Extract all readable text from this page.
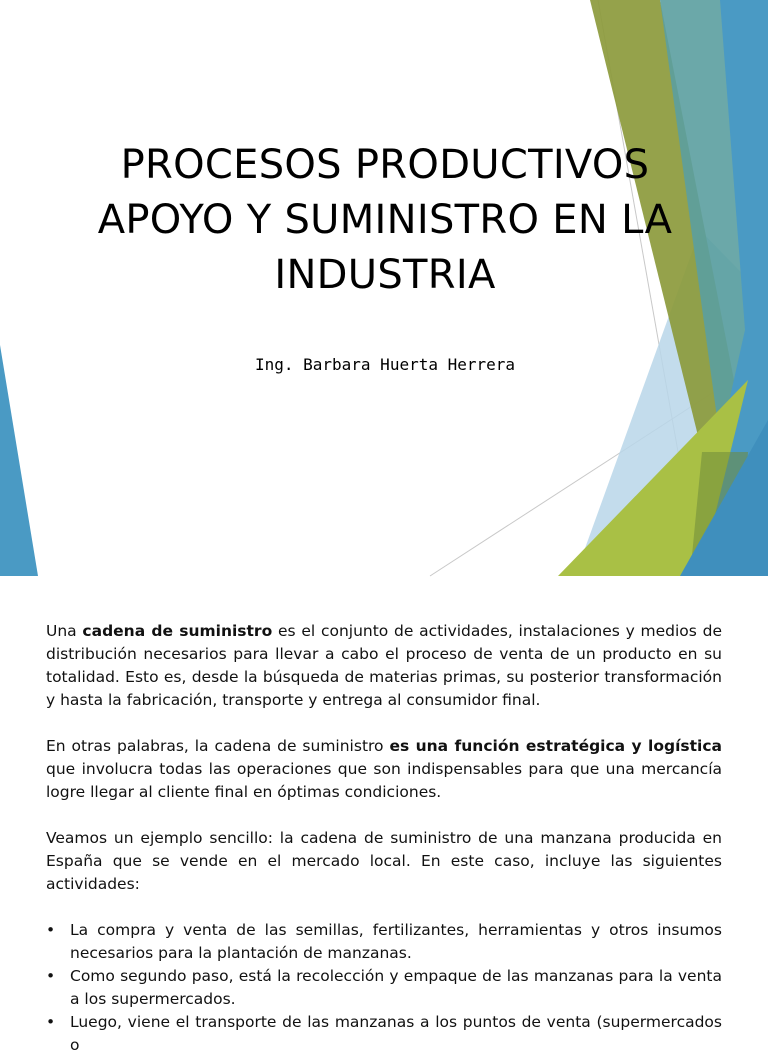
PROCESOS PRODUCTIVOS
APOYO Y SUMINISTRO EN LA
INDUSTRIA
Ing. Barbara Huerta Herrera

Una cadena de suministro es el conjunto de actividades, instalaciones y medios de distribución necesarios para llevar a cabo el proceso de venta de un producto en su totalidad. Esto es, desde la búsqueda de materias primas, su posterior transformación y hasta la fabricación, transporte y entrega al consumidor final.

En otras palabras, la cadena de suministro es una función estratégica y logística que involucra todas las operaciones que son indispensables para que una mercancía logre llegar al cliente final en óptimas condiciones.

Veamos un ejemplo sencillo: la cadena de suministro de una manzana producida en España que se vende en el mercado local. En este caso, incluye las siguientes actividades:

• La compra y venta de las semillas, fertilizantes, herramientas y otros insumos necesarios para la plantación de manzanas.
• Como segundo paso, está la recolección y empaque de las manzanas para la venta a los supermercados.
• Luego, viene el transporte de las manzanas a los puntos de venta (supermercados o
